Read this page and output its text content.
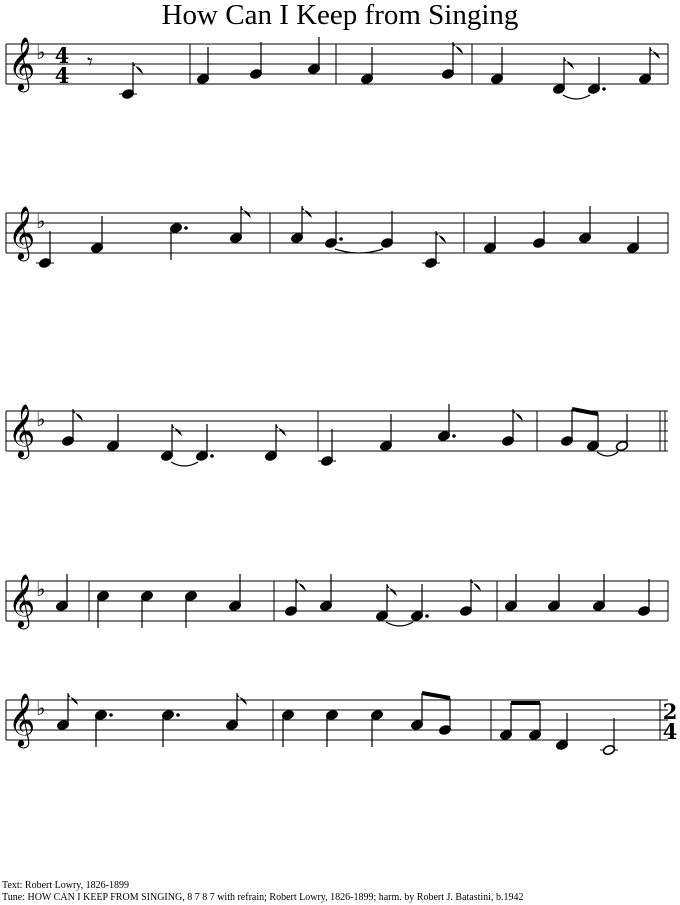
How Can I Keep from Singing
𝄞 ♭ 4
4
𝄾
𝄞 ♭
𝄞 ♭
𝄞 ♭
𝄞 ♭	2
4
Text: Robert Lowry, 1826-1899
Tune: HOW CAN I KEEP FROM SINGING, 8 7 8 7 with refrain; Robert Lowry, 1826-1899; harm. by Robert J. Batastini, b.1942
